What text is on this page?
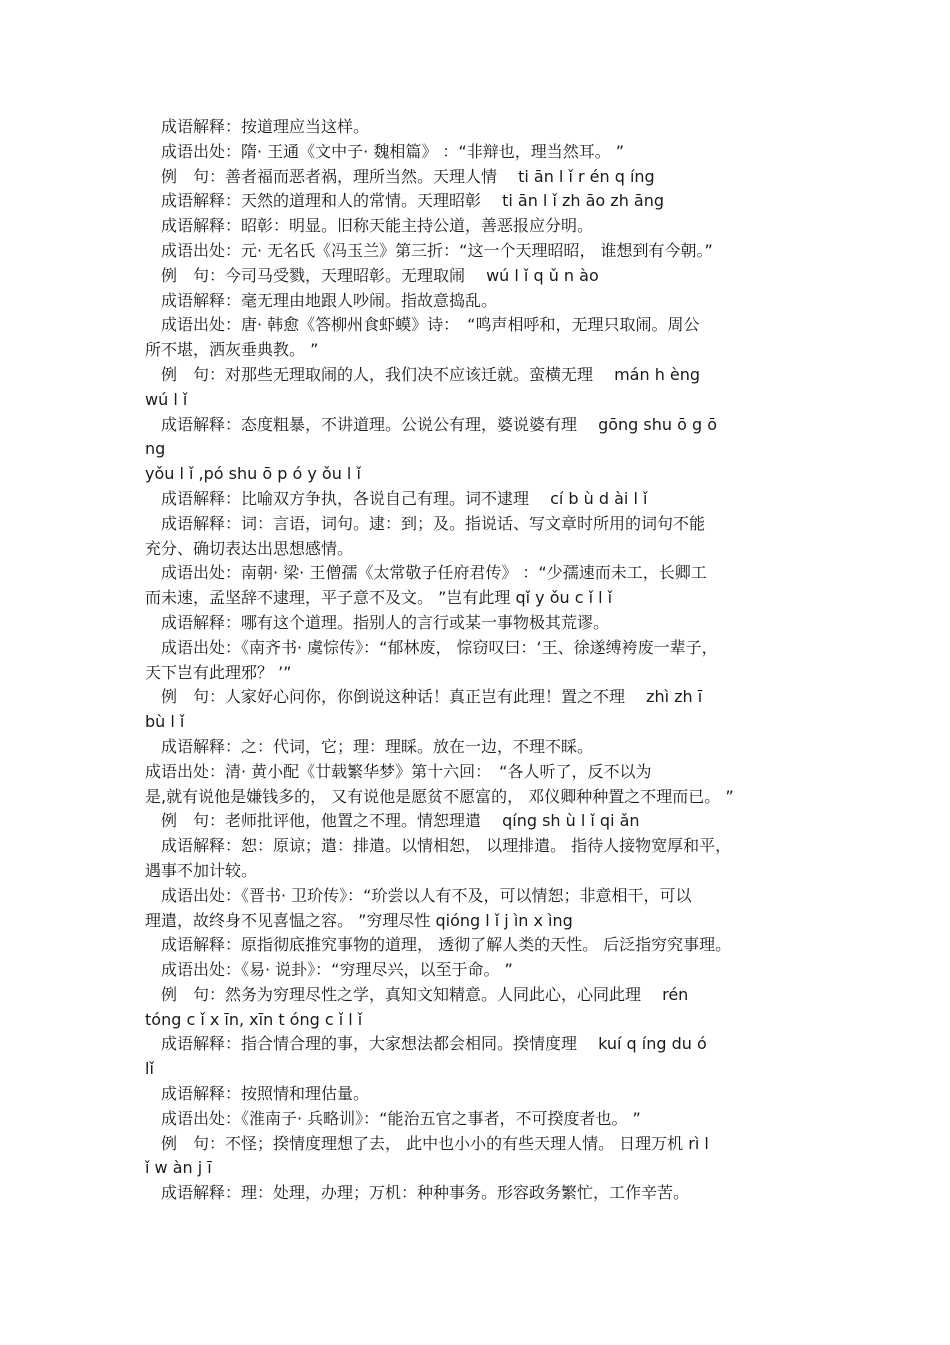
　成语解释：按道理应当这样。
　成语出处：隋· 王通《文中子· 魏相篇》 ：“非辩也，理当然耳。 ”
　例　句：善者福而恶者祸，理所当然。天理人情　 ti ān l ǐ r én q íng
　成语解释：天然的道理和人的常情。天理昭彰　 ti ān l ǐ zh āo zh āng
　成语解释：昭彰：明显。旧称天能主持公道，善恶报应分明。
　成语出处：元· 无名氏《冯玉兰》第三折：“这一个天理昭昭， 谁想到有今朝。”
　例　句：今司马受戮，天理昭彰。无理取闹　 wú l ǐ q ǔ n ào
　成语解释：毫无理由地跟人吵闹。指故意捣乱。
　成语出处：唐· 韩愈《答柳州食虾蟆》诗：　“鸣声相呼和，无理只取闹。周公
所不堪，洒灰垂典教。 ”
　例　句：对那些无理取闹的人，我们决不应该迁就。蛮横无理　 mán h èng
wú l ǐ
　成语解释：态度粗暴，不讲道理。公说公有理，婆说婆有理　 gōng shu ō g ō
ng
yǒu l ǐ ,pó shu ō p ó y ǒu l ǐ
　成语解释：比喻双方争执，各说自己有理。词不逮理　 cí b ù d ài l ǐ
　成语解释：词：言语，词句。逮：到；及。指说话、写文章时所用的词句不能
充分、确切表达出思想感情。
　成语出处：南朝· 梁· 王僧孺《太常敬子任府君传》 ：“少孺速而未工，长卿工
而未速，孟坚辞不逮理，平子意不及文。 ”岂有此理 qǐ y ǒu c ǐ l ǐ
　成语解释：哪有这个道理。指别人的言行或某一事物极其荒谬。
　成语出处：《南齐书· 虞悰传》：“郁林废， 悰窃叹曰：‘王、徐遂缚袴废一辈子，
天下岂有此理邪？ ’”
　例　句：人家好心问你，你倒说这种话！真正岂有此理！置之不理　 zhì zh ī
bù l ǐ
　成语解释：之：代词，它；理：理睬。放在一边，不理不睬。
成语出处：清· 黄小配《廿载繁华梦》第十六回：　“各人听了，反不以为
是,就有说他是嫌钱多的， 又有说他是愿贫不愿富的， 邓仪卿种种置之不理而已。 ”
　例　句：老师批评他，他置之不理。情恕理遣　 qíng sh ù l ǐ qi ǎn
　成语解释：恕：原谅；遣：排遣。以情相恕， 以理排遣。 指待人接物宽厚和平，
遇事不加计较。
　成语出处：《晋书· 卫玠传》：“玠尝以人有不及，可以情恕；非意相干，可以
理遣，故终身不见喜愠之容。 ”穷理尽性 qióng l ǐ j ìn x ìng
　成语解释：原指彻底推究事物的道理， 透彻了解人类的天性。 后泛指穷究事理。
　成语出处：《易· 说卦》：“穷理尽兴，以至于命。 ”
　例　句：然务为穷理尽性之学，真知文知精意。人同此心，心同此理　 rén
tóng c ǐ x īn, xīn t óng c ǐ l ǐ
　成语解释：指合情合理的事，大家想法都会相同。揆情度理　 kuí q íng du ó
lǐ
　成语解释：按照情和理估量。
　成语出处：《淮南子· 兵略训》：“能治五官之事者，不可揆度者也。 ”
　例　句：不怪；揆情度理想了去， 此中也小小的有些天理人情。 日理万机 rì l
ǐ w àn j ī
　成语解释：理：处理，办理；万机：种种事务。形容政务繁忙，工作辛苦。
